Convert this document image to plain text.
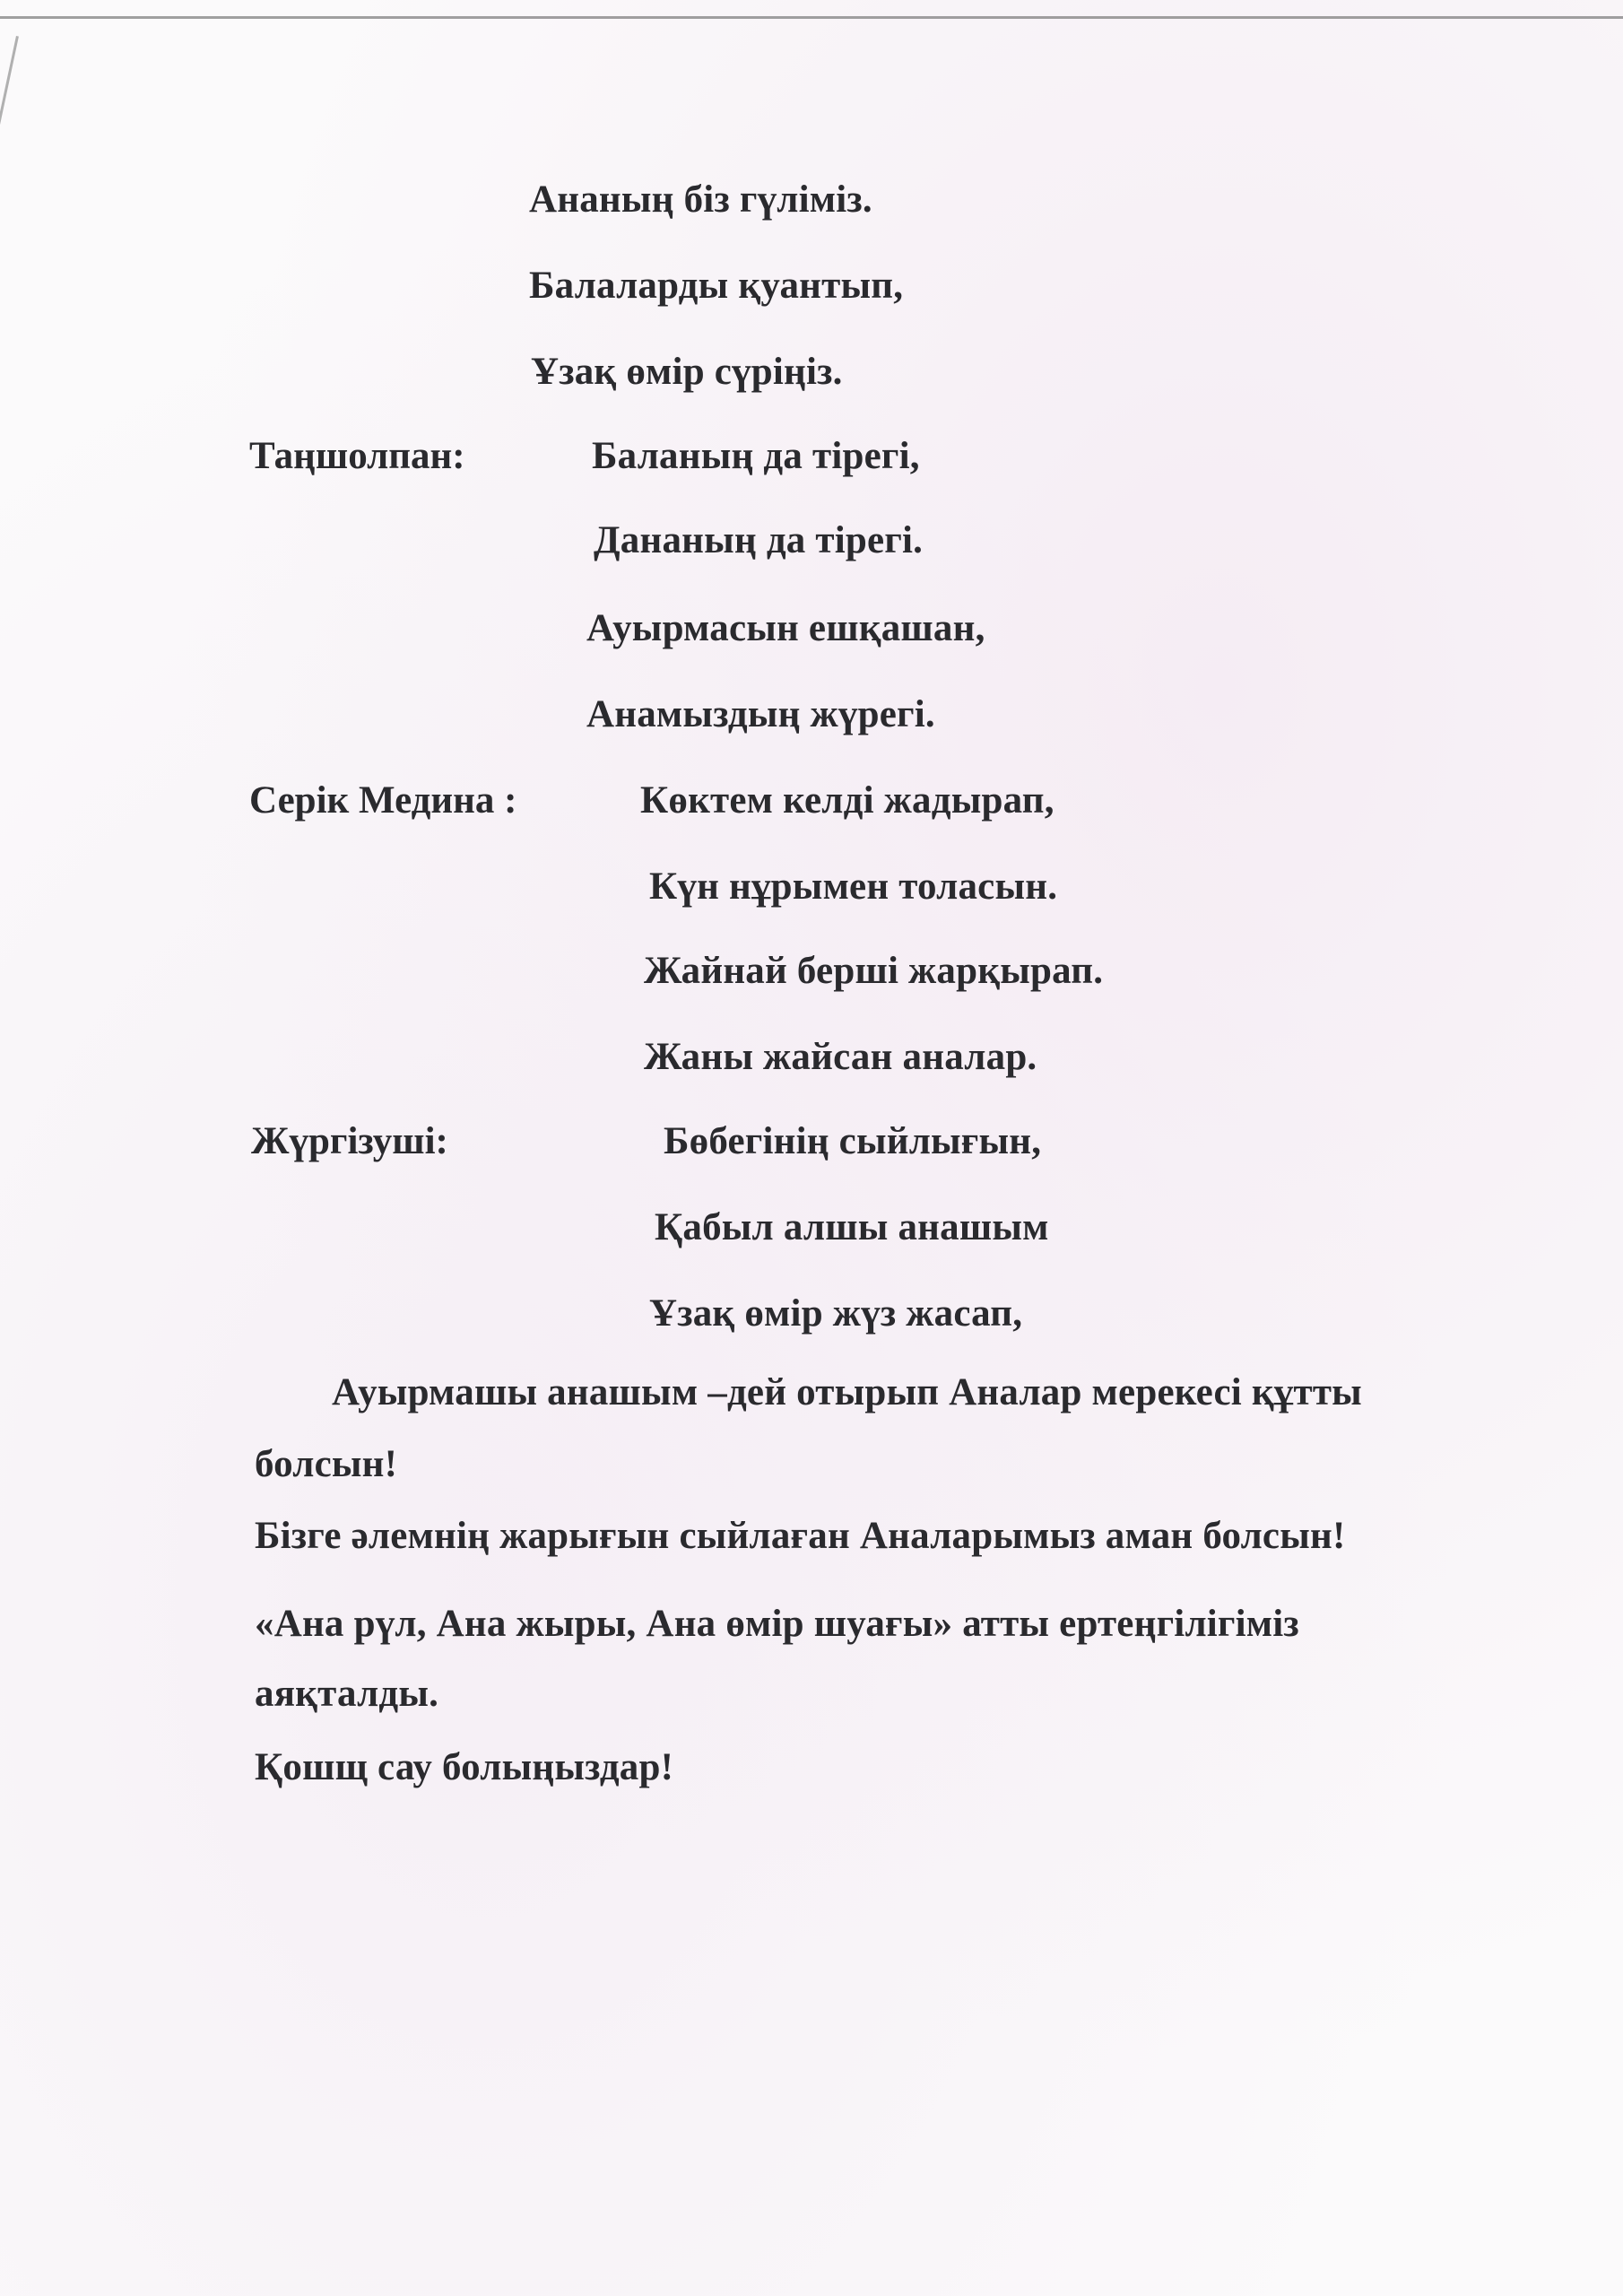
Ананың біз гүліміз.
Балаларды қуантып,
Ұзақ өмір сүріңіз.
Таңшолпан:	Баланың да тірегі,
Дананың да тірегі.
Ауырмасын ешқашан,
Анамыздың жүрегі.
Серік Медина :	Көктем келді жадырап,
Күн нұрымен толасын.
Жайнай берші жарқырап.
Жаны жайсан аналар.
Жүргізуші:	Бөбегінің сыйлығын,
Қабыл алшы анашым
Ұзақ өмір жүз жасап,
Ауырмашы анашым –дей отырып Аналар мерекесі құтты
болсын!
Бізге әлемнің жарығын сыйлаған Аналарымыз аман болсын!
«Ана рүл, Ана жыры, Ана өмір шуағы» атты ертеңгілігіміз
аяқталды.
Қошщ сау болыңыздар!
